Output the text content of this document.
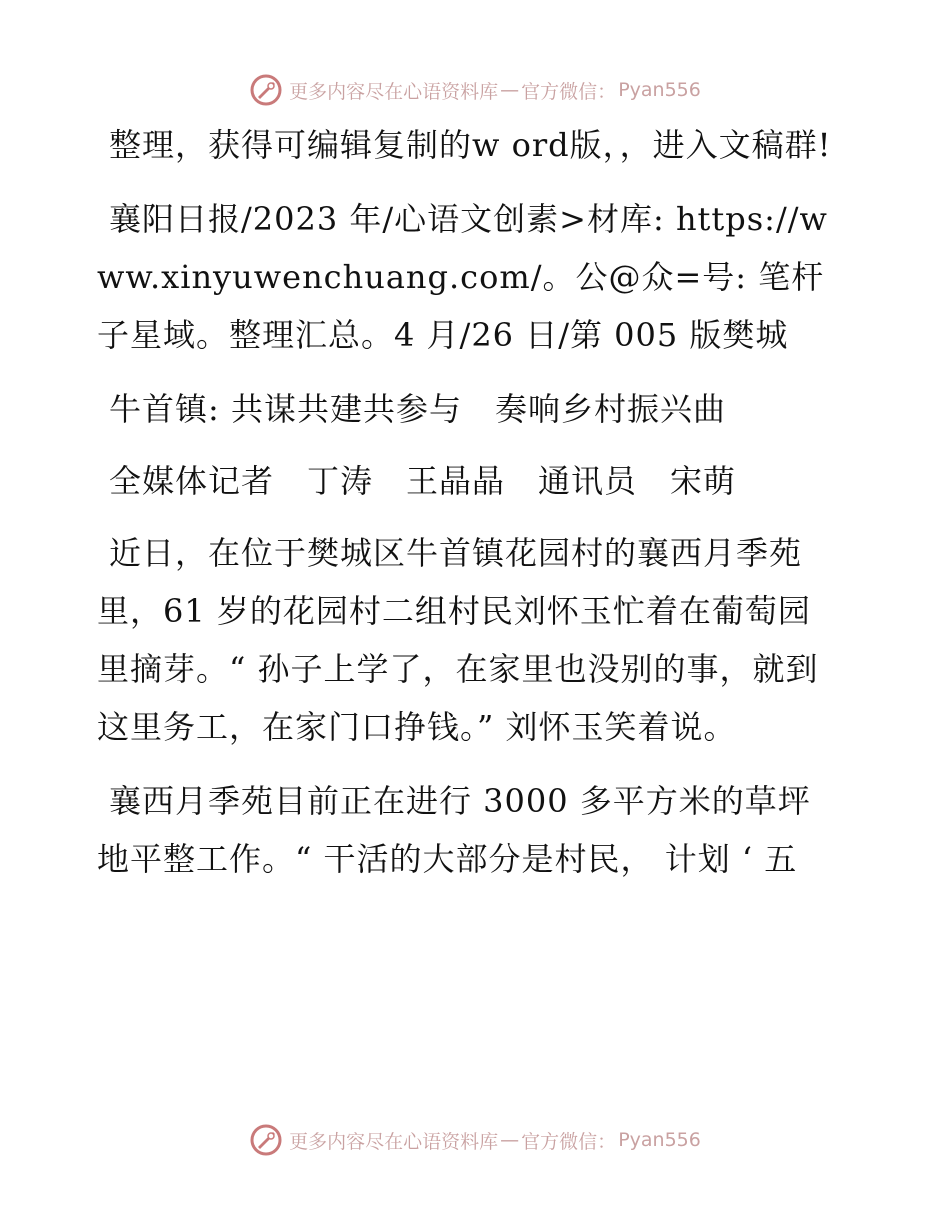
更多内容尽在心语资料库 — 官方微信： Pyan556

整理，获得可编辑复制的w ord版，，进入文稿群!

襄阳日报/2023 年/心语文创素>材库: https://www.xinyuwenchuang.com/。公@众=号: 笔杆子星域。整理汇总。4 月/26 日/第 005 版樊城

牛首镇: 共谋共建共参与　奏响乡村振兴曲

全媒体记者　丁涛　王晶晶　通讯员　宋萌

近日，在位于樊城区牛首镇花园村的襄西月季苑里，61 岁的花园村二组村民刘怀玉忙着在葡萄园里摘芽。“ 孙子上学了，在家里也没别的事，就到这里务工，在家门口挣钱。” 刘怀玉笑着说。

襄西月季苑目前正在进行 3000 多平方米的草坪地平整工作。“ 干活的大部分是村民， 计划 ‘ 五

更多内容尽在心语资料库 — 官方微信： Pyan556
